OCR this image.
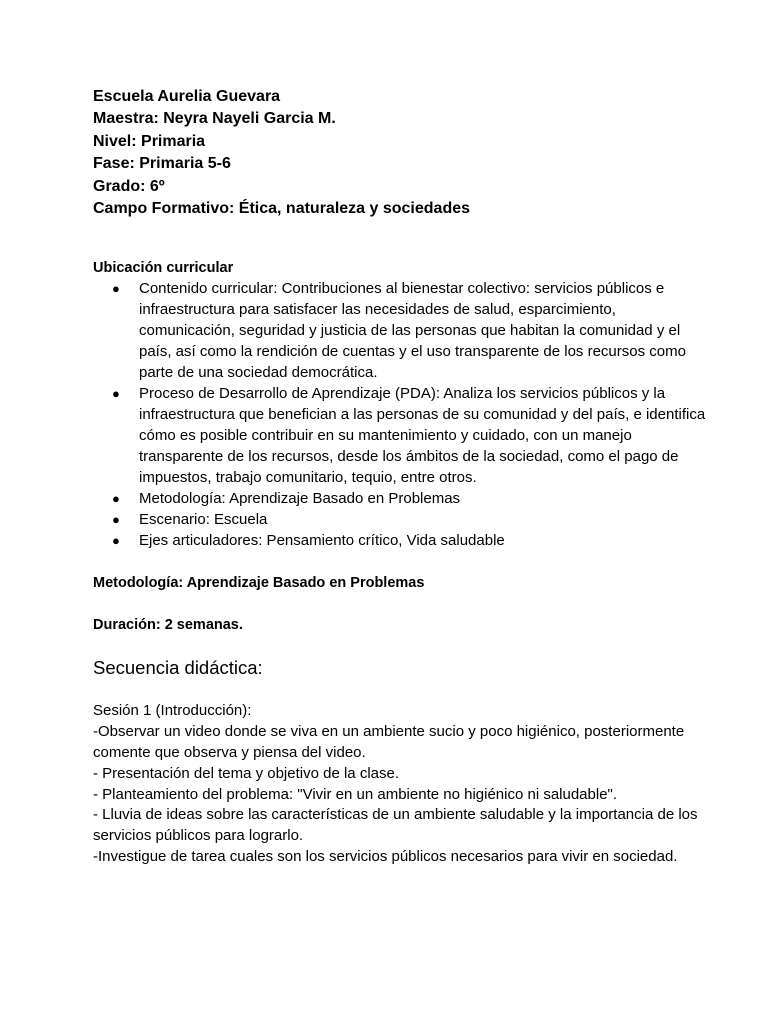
Escuela Aurelia Guevara
Maestra: Neyra Nayeli Garcia M.
Nivel: Primaria
Fase: Primaria 5-6
Grado: 6º
Campo Formativo: Ética, naturaleza y sociedades
Ubicación curricular
● Contenido curricular: Contribuciones al bienestar colectivo: servicios públicos e infraestructura para satisfacer las necesidades de salud, esparcimiento, comunicación, seguridad y justicia de las personas que habitan la comunidad y el país, así como la rendición de cuentas y el uso transparente de los recursos como parte de una sociedad democrática.
● Proceso de Desarrollo de Aprendizaje (PDA): Analiza los servicios públicos y la infraestructura que benefician a las personas de su comunidad y del país, e identifica cómo es posible contribuir en su mantenimiento y cuidado, con un manejo transparente de los recursos, desde los ámbitos de la sociedad, como el pago de impuestos, trabajo comunitario, tequio, entre otros.
● Metodología: Aprendizaje Basado en Problemas
● Escenario: Escuela
● Ejes articuladores: Pensamiento crítico, Vida saludable
Metodología: Aprendizaje Basado en Problemas
Duración: 2 semanas.
Secuencia didáctica:

Sesión 1 (Introducción):

-Observar un video donde se viva en un ambiente sucio y poco higiénico, posteriormente comente que observa y piensa del video.

- Presentación del tema y objetivo de la clase.

- Planteamiento del problema: "Vivir en un ambiente no higiénico ni saludable".

- Lluvia de ideas sobre las características de un ambiente saludable y la importancia de los servicios públicos para lograrlo.

-Investigue de tarea cuales son los servicios públicos necesarios para vivir en sociedad.
